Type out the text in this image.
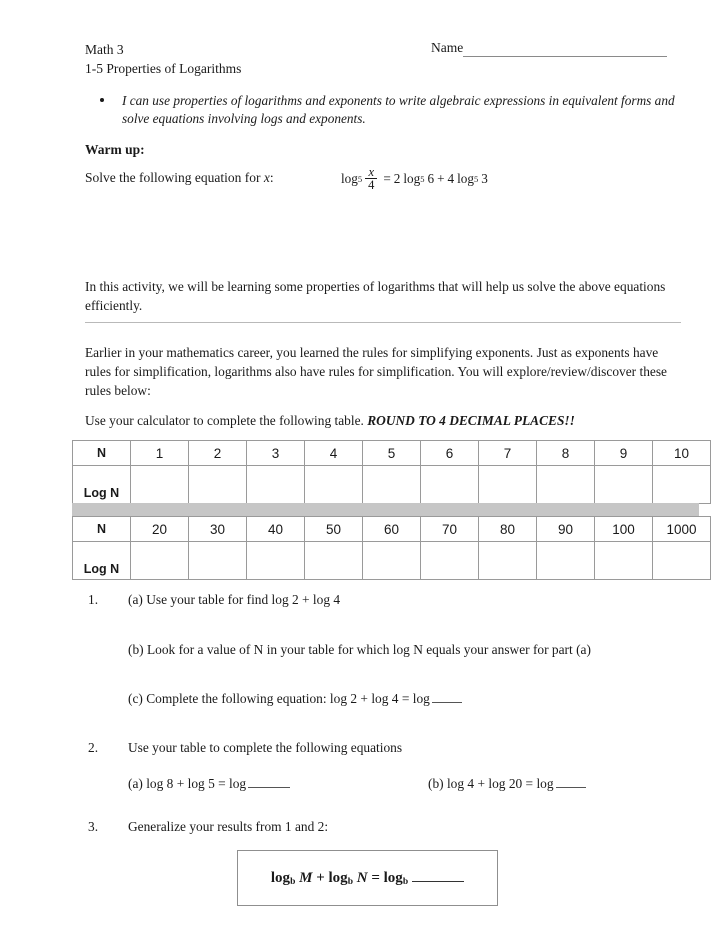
Math 3
1-5 Properties of Logarithms
Name
I can use properties of logarithms and exponents to write algebraic expressions in equivalent forms and solve equations involving logs and exponents.
Warm up:
Solve the following equation for x:	$\log 5 \frac{x}{4} = 2$ log 5 6 + 4 log 5 3
In this activity, we will be learning some properties of logarithms that will help us solve the above equations efficiently.
Earlier in your mathematics career, you learned the rules for simplifying exponents. Just as exponents have rules for simplification, logarithms also have rules for simplification. You will explore/review/discover these rules below:
Use your calculator to complete the following table. ROUND TO 4 DECIMAL PLACES!!
N	1	2	3	4	5	6	7	8	9	10
Log N										
N	20	30	40	50	60	70	80	90	100	1000
Log N										
1. (a) Use your table for find log 2 + log 4
(b) Look for a value of N in your table for which log N equals your answer for part (a)
(c) Complete the following equation: log 2 + log 4 = log
2. Use your table to complete the following equations
(a) log 8 + log 5 = log	(b) log 4 + log 20 = log
3. Generalize your results from 1 and 2:
$\log_b M + \log_b N = \log_b$
